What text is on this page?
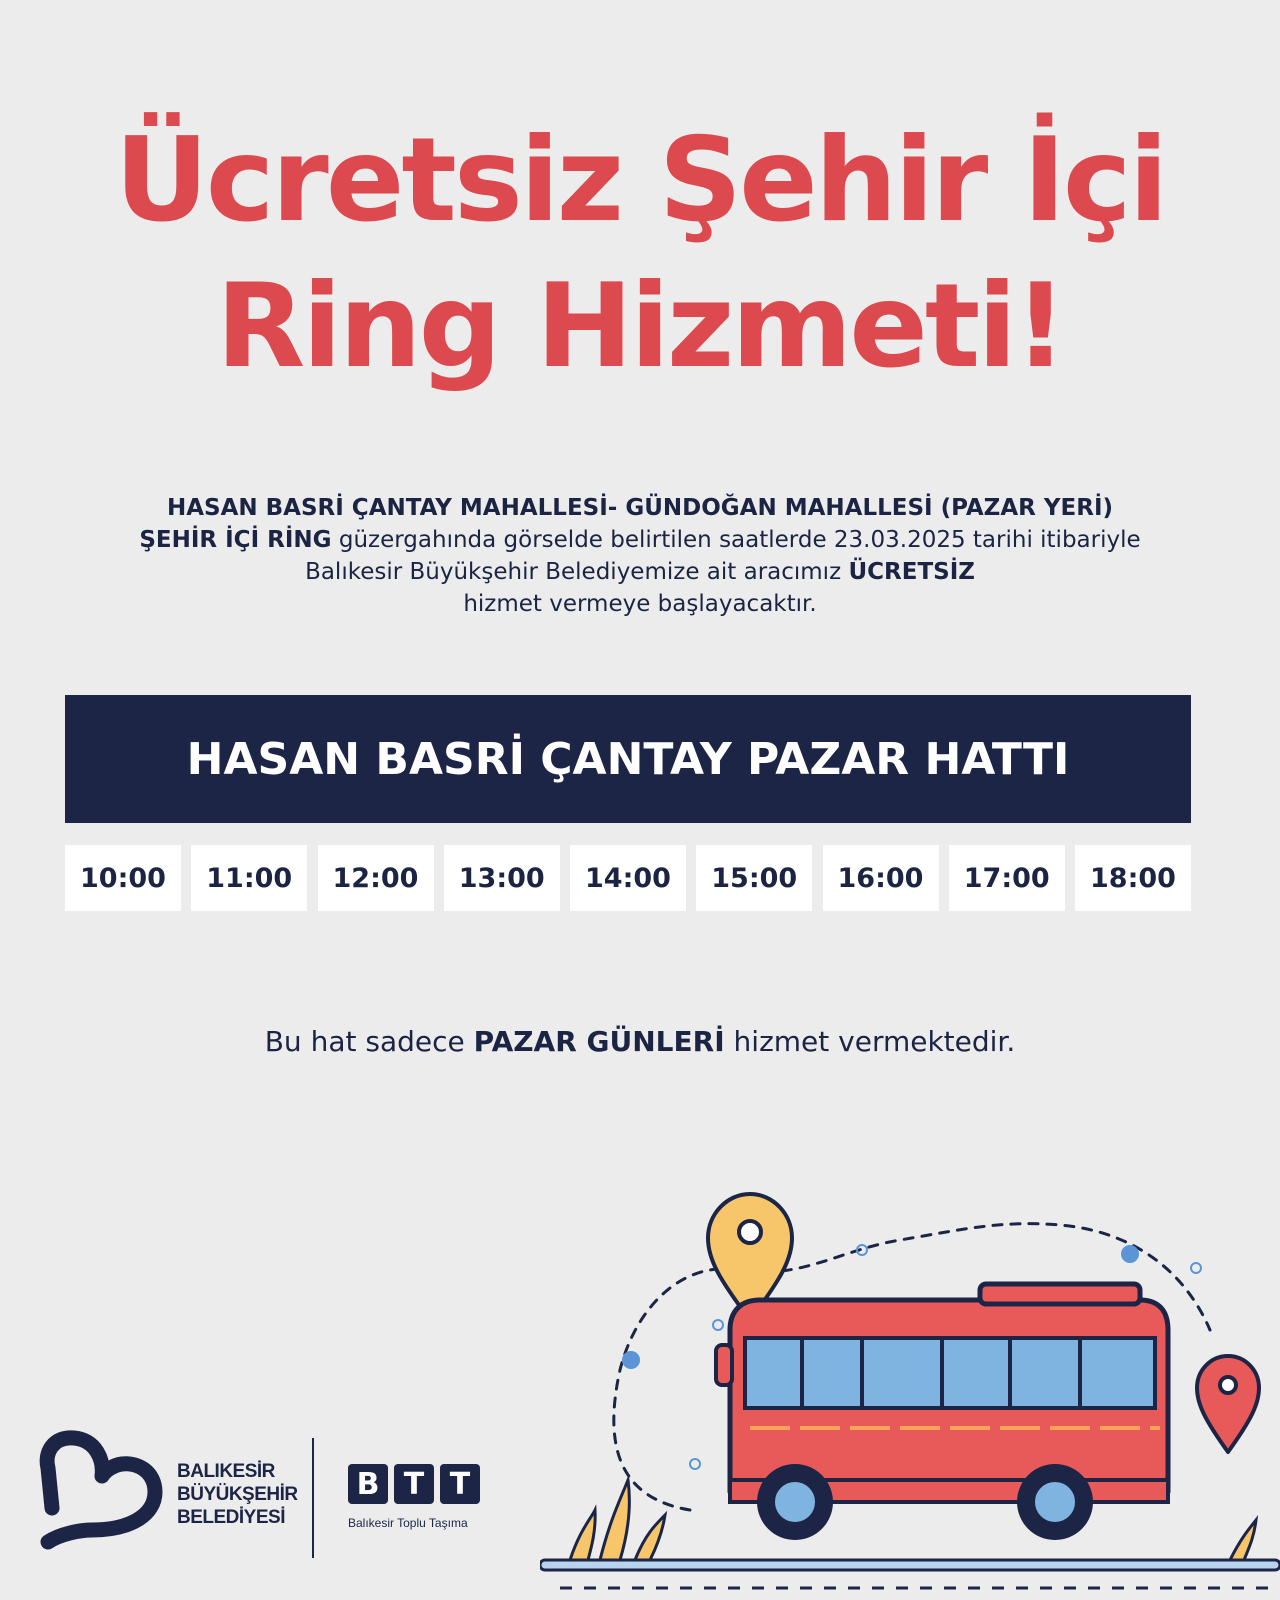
Ücretsiz Şehir İçi
Ring Hizmeti!
HASAN BASRİ ÇANTAY MAHALLESİ- GÜNDOĞAN MAHALLESİ (PAZAR YERİ)
ŞEHİR İÇİ RİNG güzergahında görselde belirtilen saatlerde 23.03.2025 tarihi itibariyle
Balıkesir Büyükşehir Belediyemize ait aracımız ÜCRETSİZ
hizmet vermeye başlayacaktır.
HASAN BASRİ ÇANTAY PAZAR HATTI
10:00	11:00	12:00	13:00	14:00	15:00	16:00	17:00	18:00
Bu hat sadece PAZAR GÜNLERİ hizmet vermektedir.
BALIKESİR
BÜYÜKŞEHİR
BELEDİYESİ
B T T
Balıkesir Toplu Taşıma
